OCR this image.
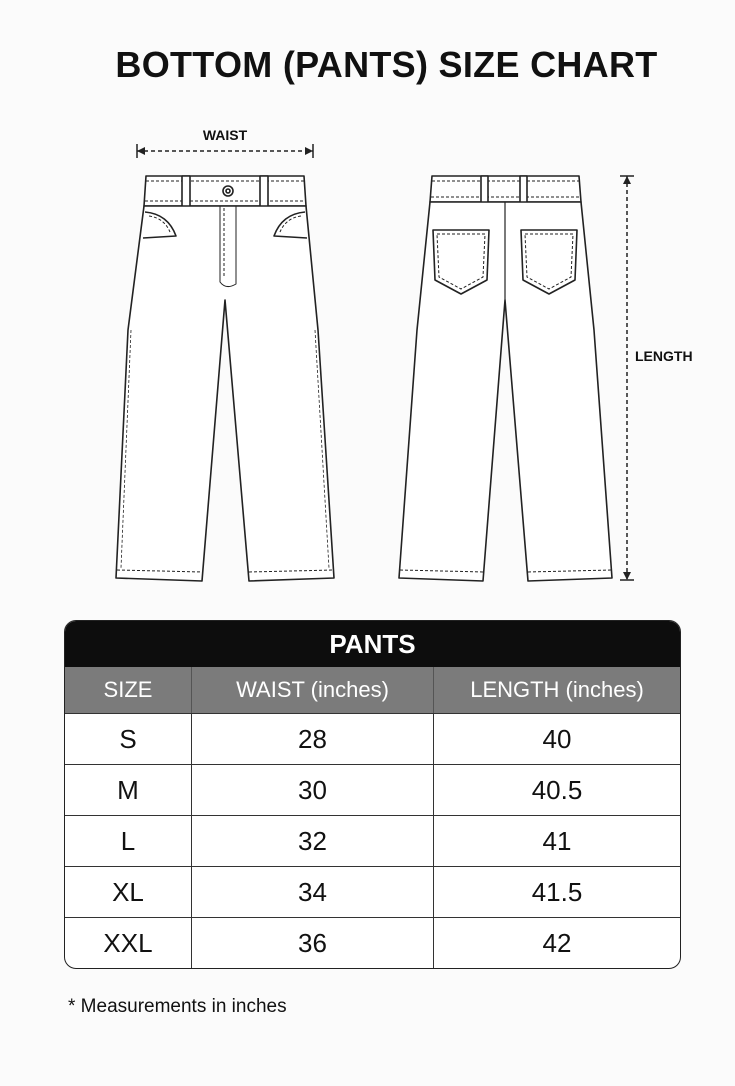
BOTTOM (PANTS) SIZE CHART
WAIST
LENGTH
PANTS
SIZE	WAIST (inches)	LENGTH (inches)
S	28	40
M	30	40.5
L	32	41
XL	34	41.5
XXL	36	42
* Measurements in inches
